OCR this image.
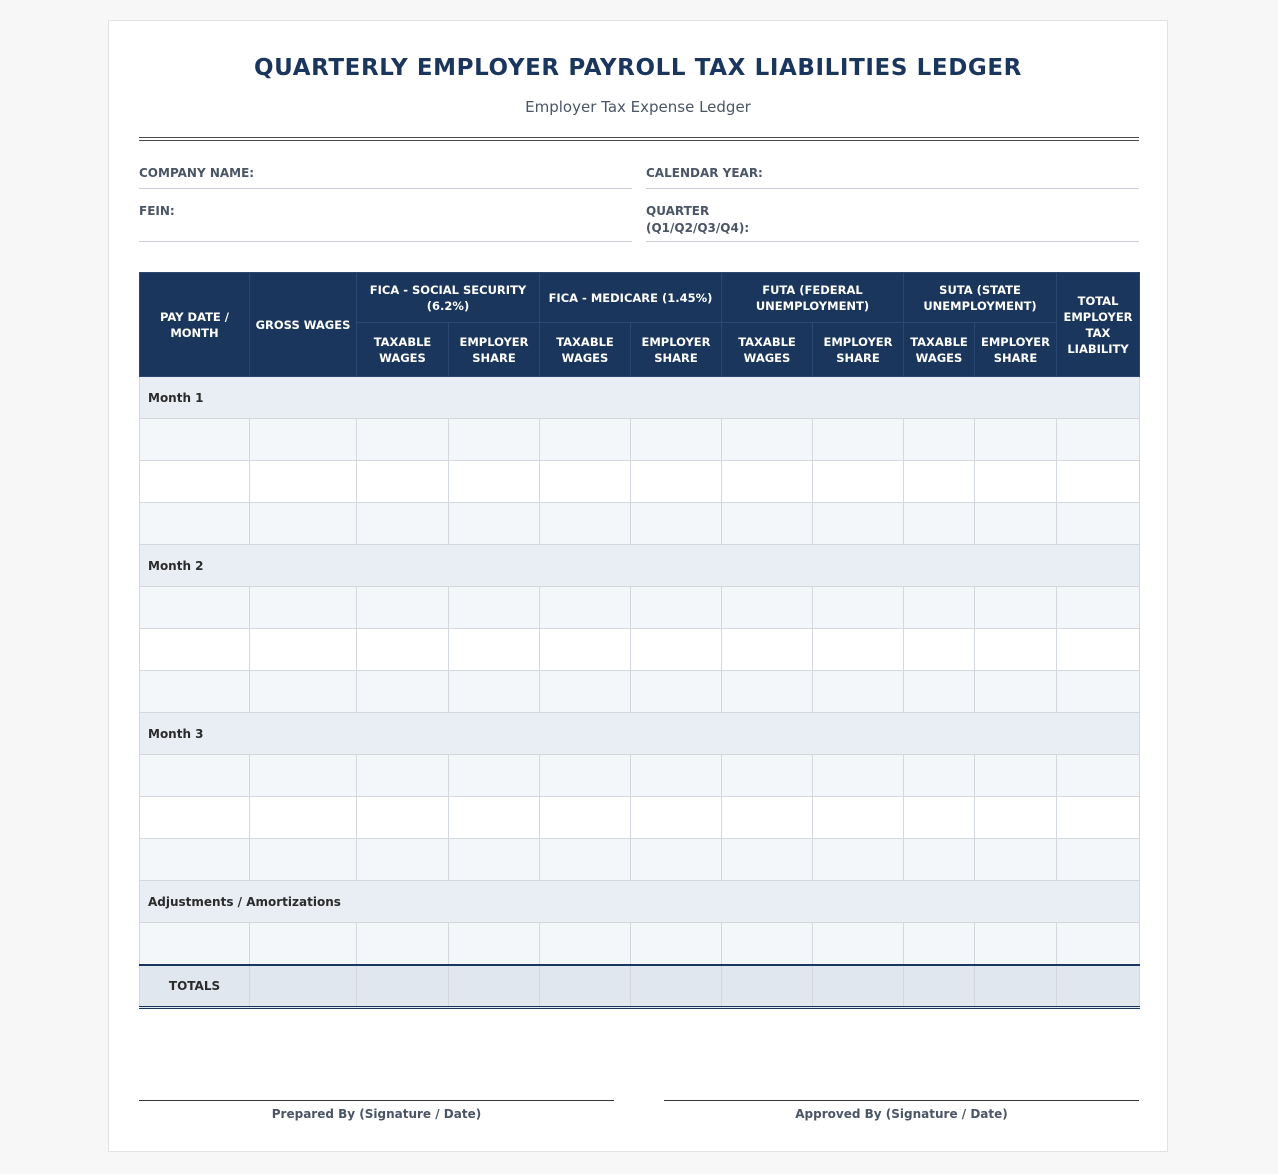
QUARTERLY EMPLOYER PAYROLL TAX LIABILITIES LEDGER
Employer Tax Expense Ledger
COMPANY NAME:	CALENDAR YEAR:
FEIN:	QUARTER (Q1/Q2/Q3/Q4):
PAY DATE / MONTH	GROSS WAGES	FICA - SOCIAL SECURITY (6.2%)		FICA - MEDICARE (1.45%)		FUTA (FEDERAL UNEMPLOYMENT)		SUTA (STATE UNEMPLOYMENT)		TOTAL EMPLOYER TAX LIABILITY
		TAXABLE WAGES	EMPLOYER SHARE	TAXABLE WAGES	EMPLOYER SHARE	TAXABLE WAGES	EMPLOYER SHARE	TAXABLE WAGES	EMPLOYER SHARE	
Month 1										

Month 2										

Month 3										

Adjustments / Amortizations										

TOTALS										
Prepared By (Signature / Date)	Approved By (Signature / Date)
